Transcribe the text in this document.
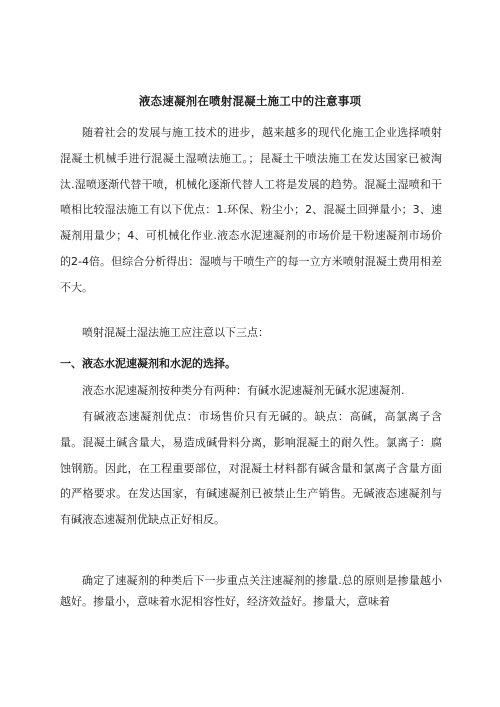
液态速凝剂在喷射混凝土施工中的注意事项

随着社会的发展与施工技术的进步，越来越多的现代化施工企业选择喷射混凝土机械手进行混凝土湿喷法施工。；昆凝土干喷法施工在发达国家已被淘汰.湿喷逐渐代替干喷，机械化逐渐代替人工将是发展的趋势。混凝土湿喷和干喷相比较湿法施工有以下优点：1.环保、粉尘小；2、混凝土回弹量小；3、速凝剂用量少；4、可机械化作业.液态水泥速凝剂的市场价是干粉速凝剂市场价的2-4倍。但综合分析得出：湿喷与干喷生产的每一立方米喷射混凝土费用相差不大。

喷射混凝土湿法施工应注意以下三点：

一、液态水泥速凝剂和水泥的选择。

液态水泥速凝剂按种类分有两种：有碱水泥速凝剂无碱水泥速凝剂.

有碱液态速凝剂优点：市场售价只有无碱的。缺点：高碱，高氯离子含量。混凝土碱含量大，易造成碱骨料分离，影响混凝土的耐久性。氯离子：腐蚀钢筋。因此，在工程重要部位，对混凝土材料都有碱含量和氯离子含量方面的严格要求。在发达国家，有碱速凝剂已被禁止生产销售。无碱液态速凝剂与有碱液态速凝剂优缺点正好相反。

确定了速凝剂的种类后下一步重点关注速凝剂的掺量.总的原则是掺量越小越好。掺量小，意味着水泥相容性好，经济效益好。掺量大，意味着
